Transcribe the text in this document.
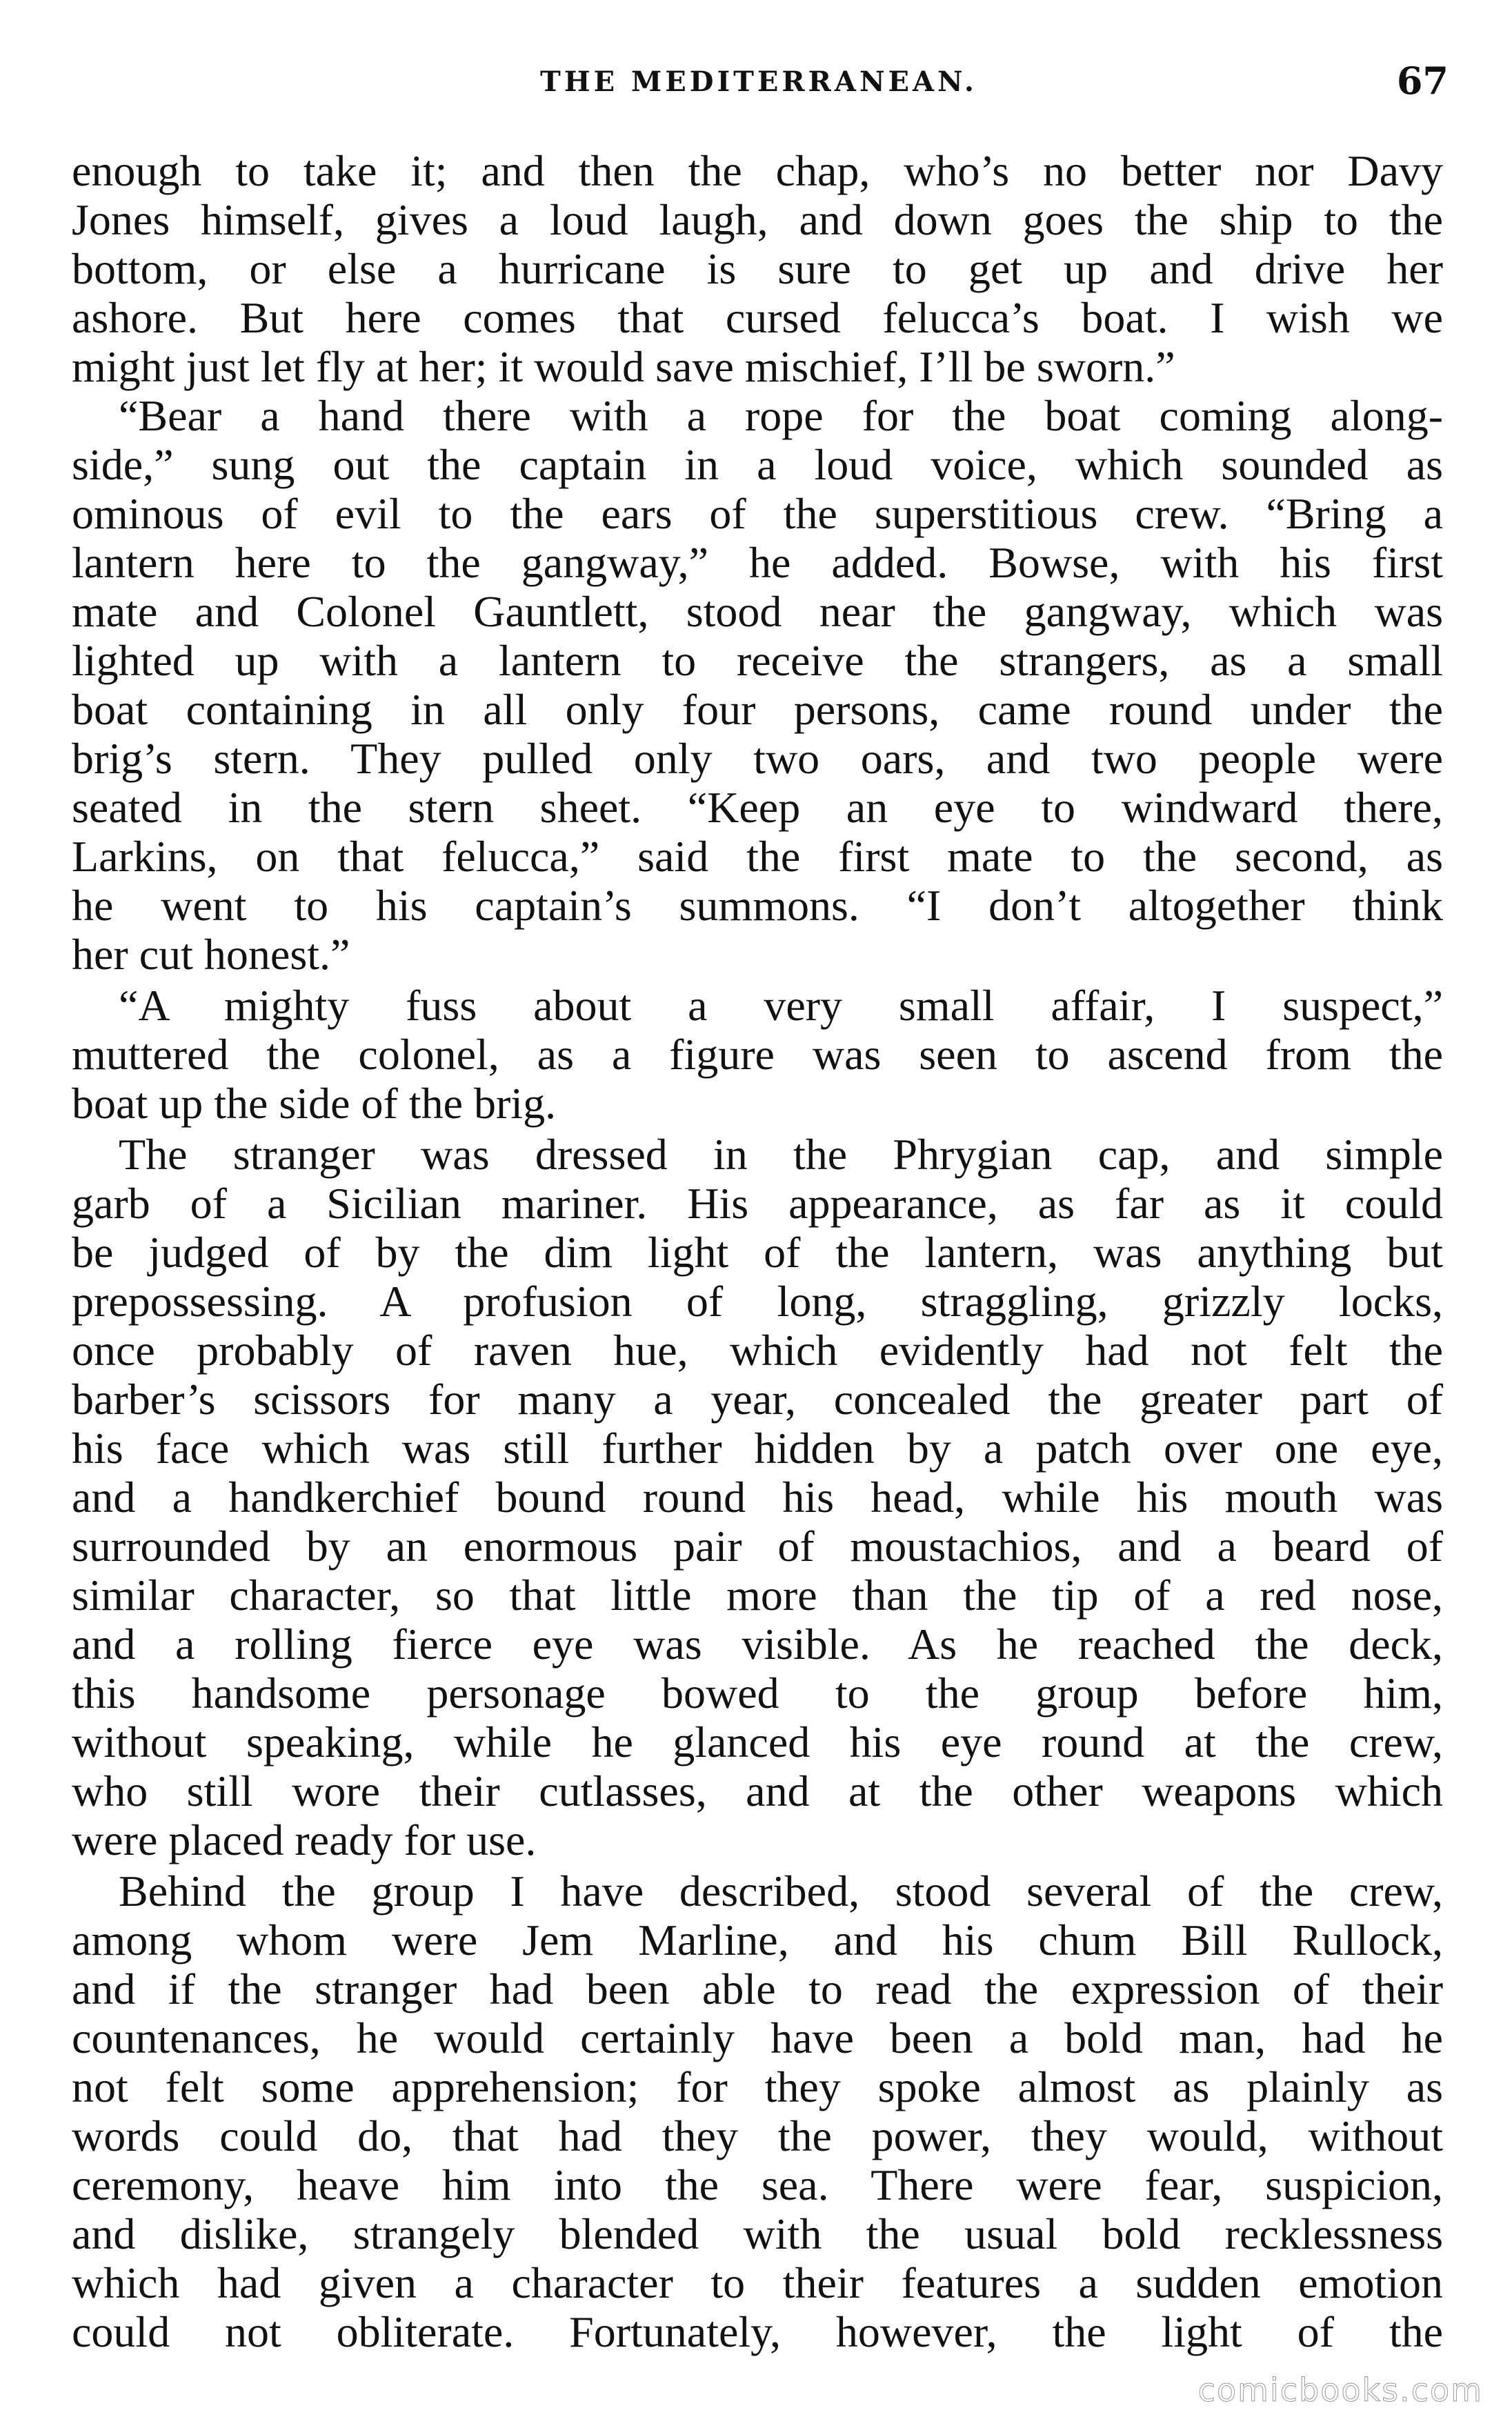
THE MEDITERRANEAN.	67
enough to take it; and then the chap, who’s no better nor Davy
Jones himself, gives a loud laugh, and down goes the ship to the
bottom, or else a hurricane is sure to get up and drive her
ashore. But here comes that cursed felucca’s boat. I wish we
might just let fly at her; it would save mischief, I’ll be sworn.”
“Bear a hand there with a rope for the boat coming along-
side,” sung out the captain in a loud voice, which sounded as
ominous of evil to the ears of the superstitious crew. “Bring a
lantern here to the gangway,” he added. Bowse, with his first
mate and Colonel Gauntlett, stood near the gangway, which was
lighted up with a lantern to receive the strangers, as a small
boat containing in all only four persons, came round under the
brig’s stern. They pulled only two oars, and two people were
seated in the stern sheet. “Keep an eye to windward there,
Larkins, on that felucca,” said the first mate to the second, as
he went to his captain’s summons. “I don’t altogether think
her cut honest.”
“A mighty fuss about a very small affair, I suspect,”
muttered the colonel, as a figure was seen to ascend from the
boat up the side of the brig.
The stranger was dressed in the Phrygian cap, and simple
garb of a Sicilian mariner. His appearance, as far as it could
be judged of by the dim light of the lantern, was anything but
prepossessing. A profusion of long, straggling, grizzly locks,
once probably of raven hue, which evidently had not felt the
barber’s scissors for many a year, concealed the greater part of
his face which was still further hidden by a patch over one eye,
and a handkerchief bound round his head, while his mouth was
surrounded by an enormous pair of moustachios, and a beard of
similar character, so that little more than the tip of a red nose,
and a rolling fierce eye was visible. As he reached the deck,
this handsome personage bowed to the group before him,
without speaking, while he glanced his eye round at the crew,
who still wore their cutlasses, and at the other weapons which
were placed ready for use.
Behind the group I have described, stood several of the crew,
among whom were Jem Marline, and his chum Bill Rullock,
and if the stranger had been able to read the expression of their
countenances, he would certainly have been a bold man, had he
not felt some apprehension; for they spoke almost as plainly as
words could do, that had they the power, they would, without
ceremony, heave him into the sea. There were fear, suspicion,
and dislike, strangely blended with the usual bold recklessness
which had given a character to their features a sudden emotion
could not obliterate. Fortunately, however, the light of the
comicbooks.com
